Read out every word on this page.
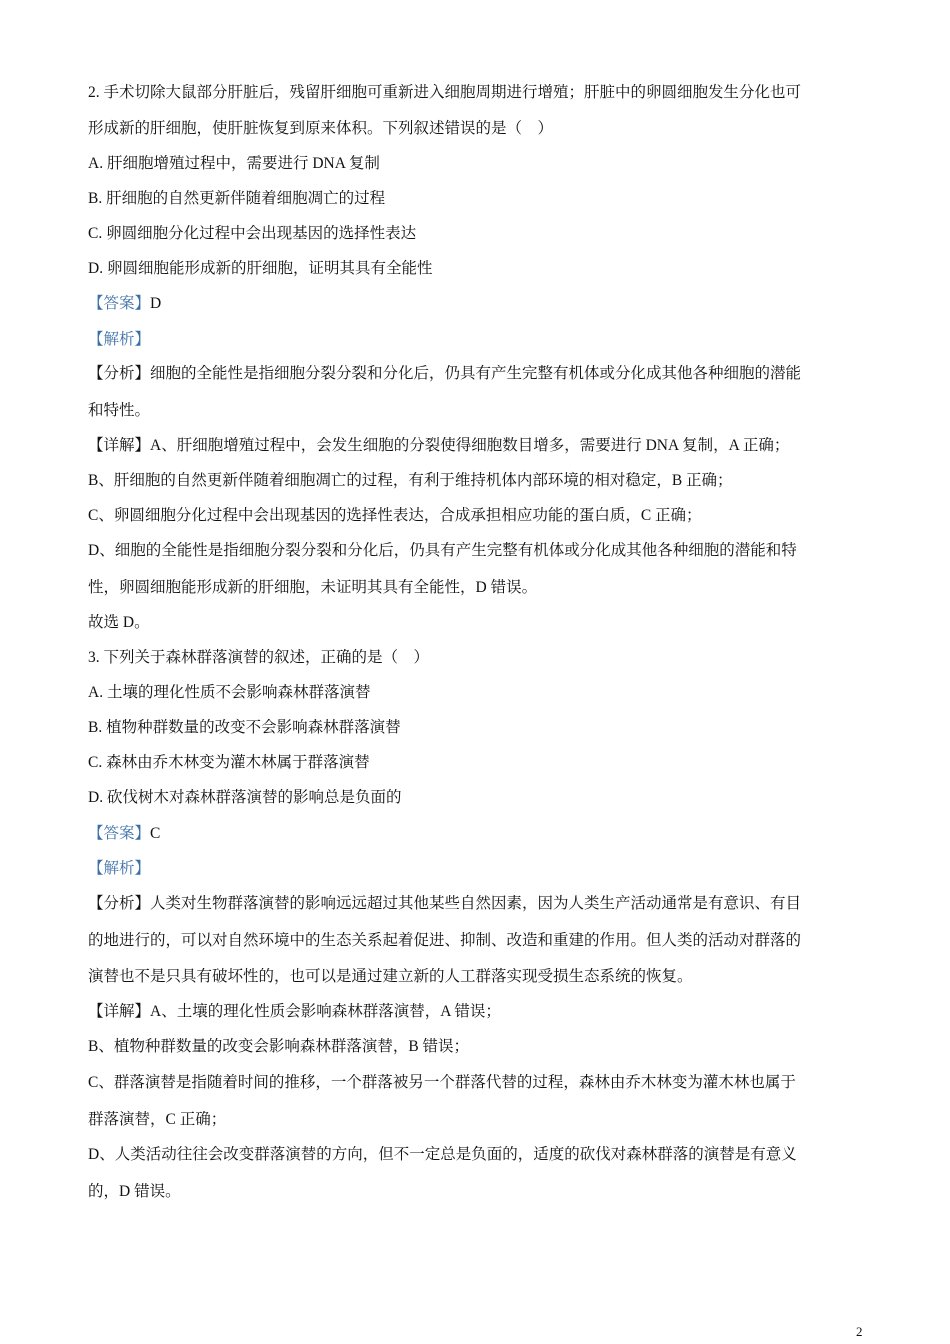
2. 手术切除大鼠部分肝脏后，残留肝细胞可重新进入细胞周期进行增殖；肝脏中的卵圆细胞发生分化也可
形成新的肝细胞，使肝脏恢复到原来体积。下列叙述错误的是（　）
A. 肝细胞增殖过程中，需要进行 DNA 复制
B. 肝细胞的自然更新伴随着细胞凋亡的过程
C. 卵圆细胞分化过程中会出现基因的选择性表达
D. 卵圆细胞能形成新的肝细胞，证明其具有全能性
【答案】D
【解析】
【分析】细胞的全能性是指细胞分裂分裂和分化后，仍具有产生完整有机体或分化成其他各种细胞的潜能
和特性。
【详解】A、肝细胞增殖过程中，会发生细胞的分裂使得细胞数目增多，需要进行 DNA 复制，A 正确；
B、肝细胞的自然更新伴随着细胞凋亡的过程，有利于维持机体内部环境的相对稳定，B 正确；
C、卵圆细胞分化过程中会出现基因的选择性表达，合成承担相应功能的蛋白质，C 正确；
D、细胞的全能性是指细胞分裂分裂和分化后，仍具有产生完整有机体或分化成其他各种细胞的潜能和特
性，卵圆细胞能形成新的肝细胞，未证明其具有全能性，D 错误。
故选 D。
3. 下列关于森林群落演替的叙述，正确的是（　）
A. 土壤的理化性质不会影响森林群落演替
B. 植物种群数量的改变不会影响森林群落演替
C. 森林由乔木林变为灌木林属于群落演替
D. 砍伐树木对森林群落演替的影响总是负面的
【答案】C
【解析】
【分析】人类对生物群落演替的影响远远超过其他某些自然因素，因为人类生产活动通常是有意识、有目
的地进行的，可以对自然环境中的生态关系起着促进、抑制、改造和重建的作用。但人类的活动对群落的
演替也不是只具有破坏性的，也可以是通过建立新的人工群落实现受损生态系统的恢复。
【详解】A、土壤的理化性质会影响森林群落演替，A 错误；
B、植物种群数量的改变会影响森林群落演替，B 错误；
C、群落演替是指随着时间的推移，一个群落被另一个群落代替的过程，森林由乔木林变为灌木林也属于
群落演替，C 正确；
D、人类活动往往会改变群落演替的方向，但不一定总是负面的，适度的砍伐对森林群落的演替是有意义
的，D 错误。
2
